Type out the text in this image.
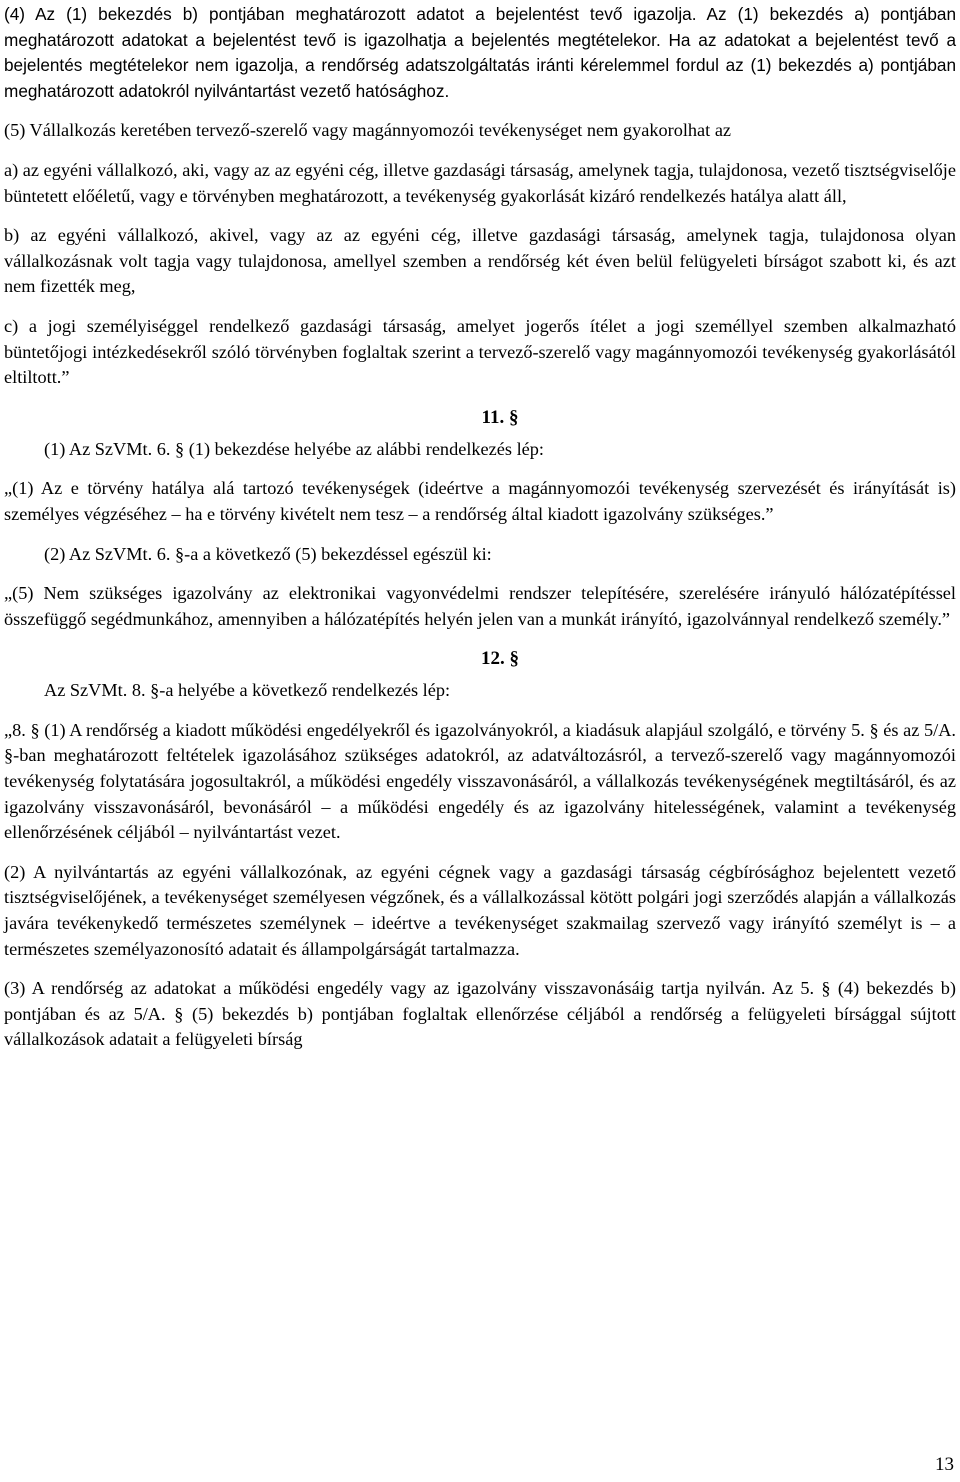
(4) Az (1) bekezdés b) pontjában meghatározott adatot a bejelentést tevő igazolja. Az (1) bekezdés a) pontjában meghatározott adatokat a bejelentést tevő is igazolhatja a bejelentés megtételekor. Ha az adatokat a bejelentést tevő a bejelentés megtételekor nem igazolja, a rendőrség adatszolgáltatás iránti kérelemmel fordul az (1) bekezdés a) pontjában meghatározott adatokról nyilvántartást vezető hatósághoz.

(5) Vállalkozás keretében tervező-szerelő vagy magánnyomozói tevékenységet nem gyakorolhat az

a) az egyéni vállalkozó, aki, vagy az az egyéni cég, illetve gazdasági társaság, amelynek tagja, tulajdonosa, vezető tisztségviselője büntetett előéletű, vagy e törvényben meghatározott, a tevékenység gyakorlását kizáró rendelkezés hatálya alatt áll,

b) az egyéni vállalkozó, akivel, vagy az az egyéni cég, illetve gazdasági társaság, amelynek tagja, tulajdonosa olyan vállalkozásnak volt tagja vagy tulajdonosa, amellyel szemben a rendőrség két éven belül felügyeleti bírságot szabott ki, és azt nem fizették meg,

c) a jogi személyiséggel rendelkező gazdasági társaság, amelyet jogerős ítélet a jogi személlyel szemben alkalmazható büntetőjogi intézkedésekről szóló törvényben foglaltak szerint a tervező-szerelő vagy magánnyomozói tevékenység gyakorlásától eltiltott.”

11. §

(1) Az SzVMt. 6. § (1) bekezdése helyébe az alábbi rendelkezés lép:

„(1) Az e törvény hatálya alá tartozó tevékenységek (ideértve a magánnyomozói tevékenység szervezését és irányítását is) személyes végzéséhez – ha e törvény kivételt nem tesz – a rendőrség által kiadott igazolvány szükséges.”

(2) Az SzVMt. 6. §-a a következő (5) bekezdéssel egészül ki:

„(5) Nem szükséges igazolvány az elektronikai vagyonvédelmi rendszer telepítésére, szerelésére irányuló hálózatépítéssel összefüggő segédmunkához, amennyiben a hálózatépítés helyén jelen van a munkát irányító, igazolvánnyal rendelkező személy.”

12. §

Az SzVMt. 8. §-a helyébe a következő rendelkezés lép:

„8. § (1) A rendőrség a kiadott működési engedélyekről és igazolványokról, a kiadásuk alapjául szolgáló, e törvény 5. § és az 5/A. §-ban meghatározott feltételek igazolásához szükséges adatokról, az adatváltozásról, a tervező-szerelő vagy magánnyomozói tevékenység folytatására jogosultakról, a működési engedély visszavonásáról, a vállalkozás tevékenységének megtiltásáról, és az igazolvány visszavonásáról, bevonásáról – a működési engedély és az igazolvány hitelességének, valamint a tevékenység ellenőrzésének céljából – nyilvántartást vezet.

(2) A nyilvántartás az egyéni vállalkozónak, az egyéni cégnek vagy a gazdasági társaság cégbírósághoz bejelentett vezető tisztségviselőjének, a tevékenységet személyesen végzőnek, és a vállalkozással kötött polgári jogi szerződés alapján a vállalkozás javára tevékenykedő természetes személynek – ideértve a tevékenységet szakmailag szervező vagy irányító személyt is – a természetes személyazonosító adatait és állampolgárságát tartalmazza.

(3) A rendőrség az adatokat a működési engedély vagy az igazolvány visszavonásáig tartja nyilván. Az 5. § (4) bekezdés b) pontjában és az 5/A. § (5) bekezdés b) pontjában foglaltak ellenőrzése céljából a rendőrség a felügyeleti bírsággal sújtott vállalkozások adatait a felügyeleti bírság

13
